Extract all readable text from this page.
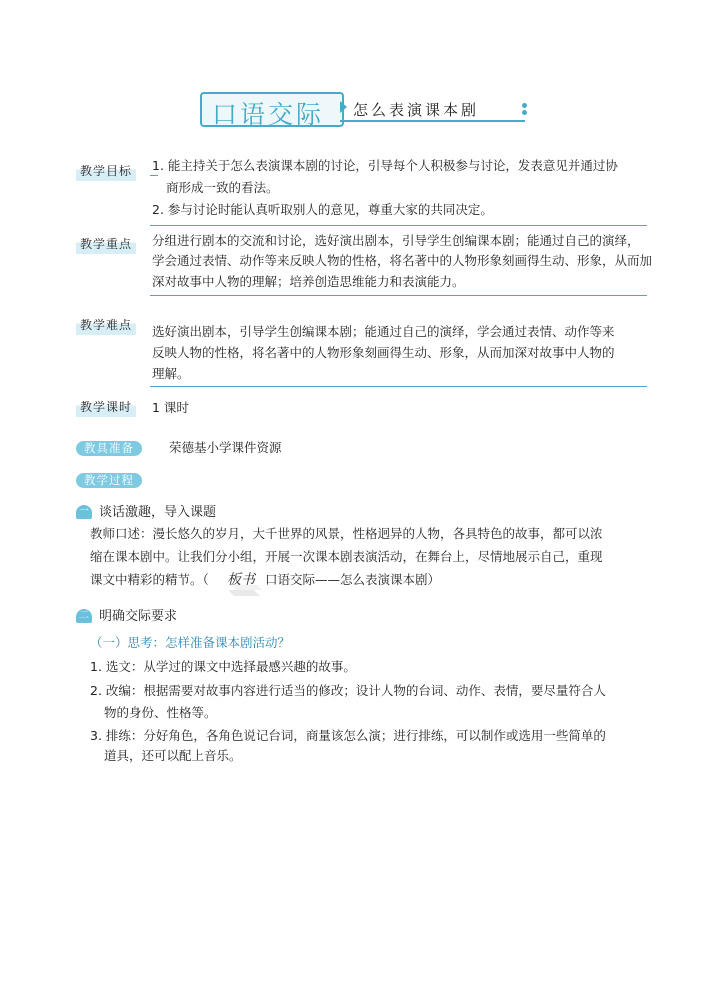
口语交际 怎么表演课本剧
教学目标	1. 能主持关于怎么表演课本剧的讨论，引导每个人积极参与讨论，发表意见并通过协
商形成一致的看法。
2. 参与讨论时能认真听取别人的意见，尊重大家的共同决定。
教学重点	分组进行剧本的交流和讨论，选好演出剧本，引导学生创编课本剧；能通过自己的演绎，
学会通过表情、动作等来反映人物的性格，将名著中的人物形象刻画得生动、形象，从而加
深对故事中人物的理解；培养创造思维能力和表演能力。
教学难点	选好演出剧本，引导学生创编课本剧；能通过自己的演绎，学会通过表情、动作等来
反映人物的性格，将名著中的人物形象刻画得生动、形象，从而加深对故事中人物的
理解。
教学课时	1 课时
教具准备	荣德基小学课件资源
教学过程
一 谈话激趣，导入课题
教师口述：漫长悠久的岁月，大千世界的风景，性格迥异的人物，各具特色的故事，都可以浓
缩在课本剧中。让我们分小组，开展一次课本剧表演活动，在舞台上，尽情地展示自己，重现
课文中精彩的精节。（ 板书 口语交际——怎么表演课本剧）
二 明确交际要求
（一）思考：怎样准备课本剧活动？
1. 选文：从学过的课文中选择最感兴趣的故事。
2. 改编：根据需要对故事内容进行适当的修改；设计人物的台词、动作、表情，要尽量符合人
物的身份、性格等。
3. 排练：分好角色，各角色说记台词，商量该怎么演；进行排练，可以制作或选用一些简单的
道具，还可以配上音乐。
